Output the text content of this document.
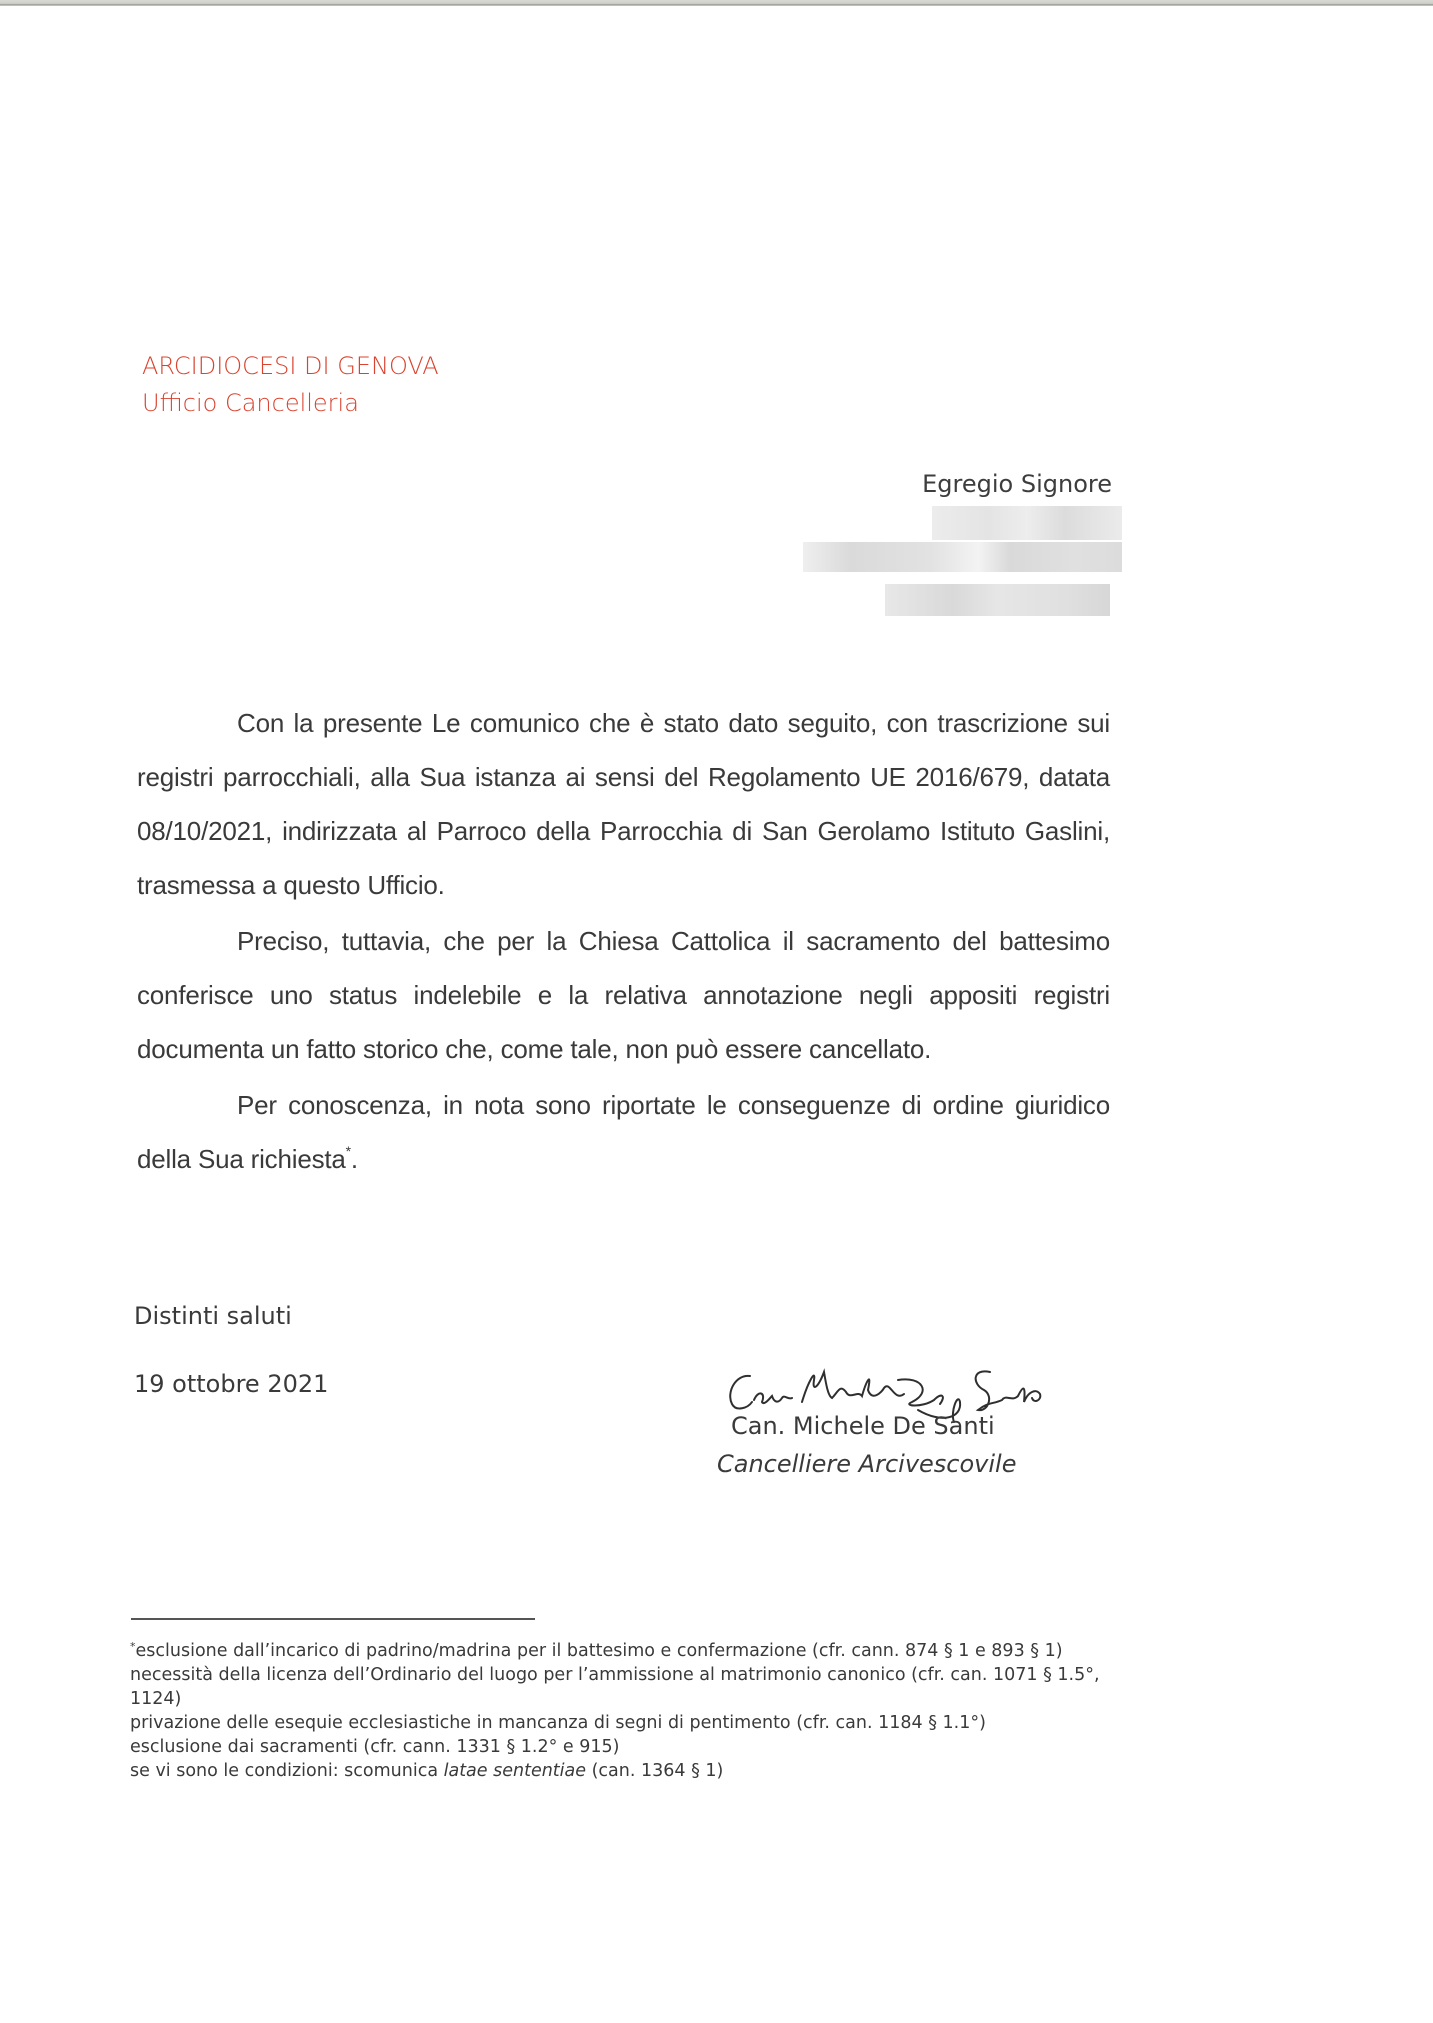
ARCIDIOCESI DI GENOVA
Ufficio Cancelleria
Egregio Signore

Con la presente Le comunico che è stato dato seguito, con trascrizione sui registri parrocchiali, alla Sua istanza ai sensi del Regolamento UE 2016/679, datata 08/10/2021, indirizzata al Parroco della Parrocchia di San Gerolamo Istituto Gaslini, trasmessa a questo Ufficio.

Preciso, tuttavia, che per la Chiesa Cattolica il sacramento del battesimo conferisce uno status indelebile e la relativa annotazione negli appositi registri documenta un fatto storico che, come tale, non può essere cancellato.

Per conoscenza, in nota sono riportate le conseguenze di ordine giuridico della Sua richiesta*.

Distinti saluti
19 ottobre 2021
Can. Michele De Santi
Cancelliere Arcivescovile
*esclusione dall’incarico di padrino/madrina per il battesimo e confermazione (cfr. cann. 874 § 1 e 893 § 1)
necessità della licenza dell’Ordinario del luogo per l’ammissione al matrimonio canonico (cfr. can. 1071 § 1.5°, 1124)
privazione delle esequie ecclesiastiche in mancanza di segni di pentimento (cfr. can. 1184 § 1.1°)
esclusione dai sacramenti (cfr. cann. 1331 § 1.2° e 915)
se vi sono le condizioni: scomunica latae sententiae (can. 1364 § 1)
